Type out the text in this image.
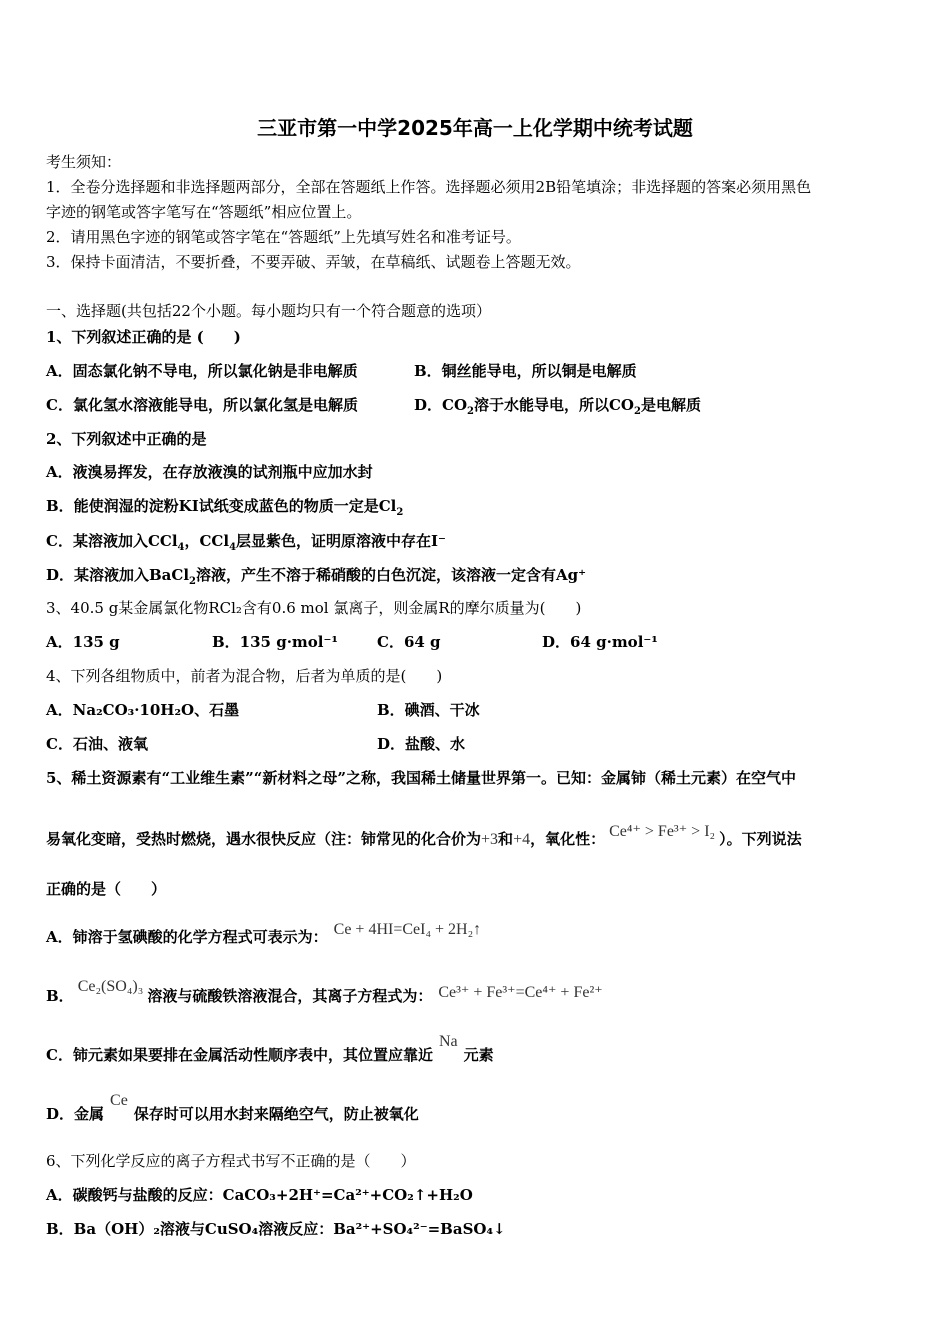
三亚市第一中学2025年高一上化学期中统考试题
考生须知：
1．全卷分选择题和非选择题两部分，全部在答题纸上作答。选择题必须用2B铅笔填涂；非选择题的答案必须用黑色
字迹的钢笔或答字笔写在“答题纸”相应位置上。
2．请用黑色字迹的钢笔或答字笔在“答题纸”上先填写姓名和准考证号。
3．保持卡面清洁，不要折叠，不要弄破、弄皱，在草稿纸、试题卷上答题无效。
一、选择题(共包括22个小题。每小题均只有一个符合题意的选项）
1、下列叙述正确的是 (　　)
A．固态氯化钠不导电，所以氯化钠是非电解质	B．铜丝能导电，所以铜是电解质
C．氯化氢水溶液能导电，所以氯化氢是电解质	D．$CO_2$溶于水能导电，所以$CO_2$是电解质
2、下列叙述中正确的是
A．液溴易挥发，在存放液溴的试剂瓶中应加水封
B．能使润湿的淀粉KI试纸变成蓝色的物质一定是$Cl_2$
C．某溶液加入CCl$_4$，CCl$_4$层显紫色，证明原溶液中存在I⁻
D．某溶液加入BaCl$_2$溶液，产生不溶于稀硝酸的白色沉淀，该溶液一定含有Ag⁺
3、40.5 g某金属氯化物RCl₂含有0.6 mol 氯离子，则金属R的摩尔质量为(　　)
A．135 g	B．135 g·mol⁻¹	C．64 g	D．64 g·mol⁻¹
4、下列各组物质中，前者为混合物，后者为单质的是(　　)
A．Na₂CO₃·10H₂O、石墨	B．碘酒、干冰
C．石油、液氧	D．盐酸、水
5、稀土资源素有“工业维生素”“新材料之母”之称，我国稀土储量世界第一。已知：金属铈（稀土元素）在空气中
易氧化变暗，受热时燃烧，遇水很快反应（注：铈常见的化合价为+3和+4，氧化性： Ce⁴⁺ > Fe³⁺ > I₂ ）。下列说法
正确的是（　　）
A．铈溶于氢碘酸的化学方程式可表示为： Ce + 4HI=CeI₄ + 2H₂↑
B．Ce₂(SO₄)₃溶液与硫酸铁溶液混合，其离子方程式为： Ce³⁺ + Fe³⁺=Ce⁴⁺ + Fe²⁺
C．铈元素如果要排在金属活动性顺序表中，其位置应靠近Na元素
D．金属Ce保存时可以用水封来隔绝空气，防止被氧化
6、下列化学反应的离子方程式书写不正确的是（　　）
A．碳酸钙与盐酸的反应：CaCO₃+2H⁺=Ca²⁺+CO₂↑+H₂O
B．Ba（OH）₂溶液与CuSO₄溶液反应：Ba²⁺+SO₄²⁻=BaSO₄↓
